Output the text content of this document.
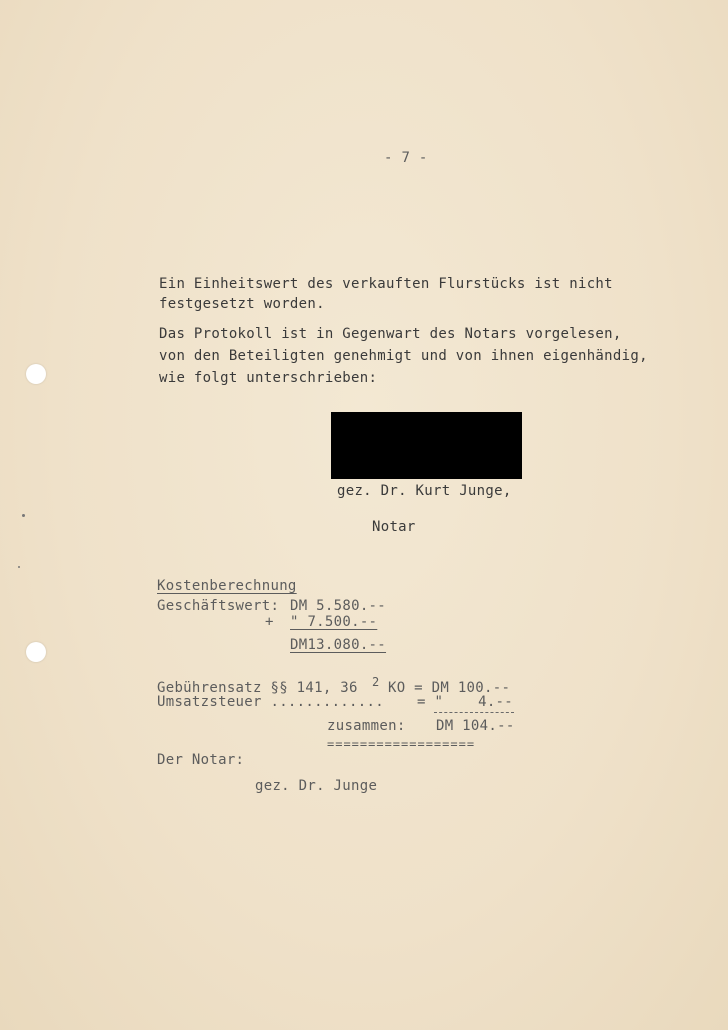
- 7 -
Ein Einheitswert des verkauften Flurstücks ist nicht
festgesetzt worden.
Das Protokoll ist in Gegenwart des Notars vorgelesen,
von den Beteiligten genehmigt und von ihnen eigenhändig,
wie folgt unterschrieben:
gez. Dr. Kurt Junge,
Notar
Kostenberechnung
Geschäftswert: DM 5.580.--
+ " 7.500.--
DM13.080.--
Gebührensatz §§ 141, 36 2 KO = DM 100.--
Umsatzsteuer ............. = "    4.--
zusammen: DM 104.--
==================
Der Notar:
gez. Dr. Junge
